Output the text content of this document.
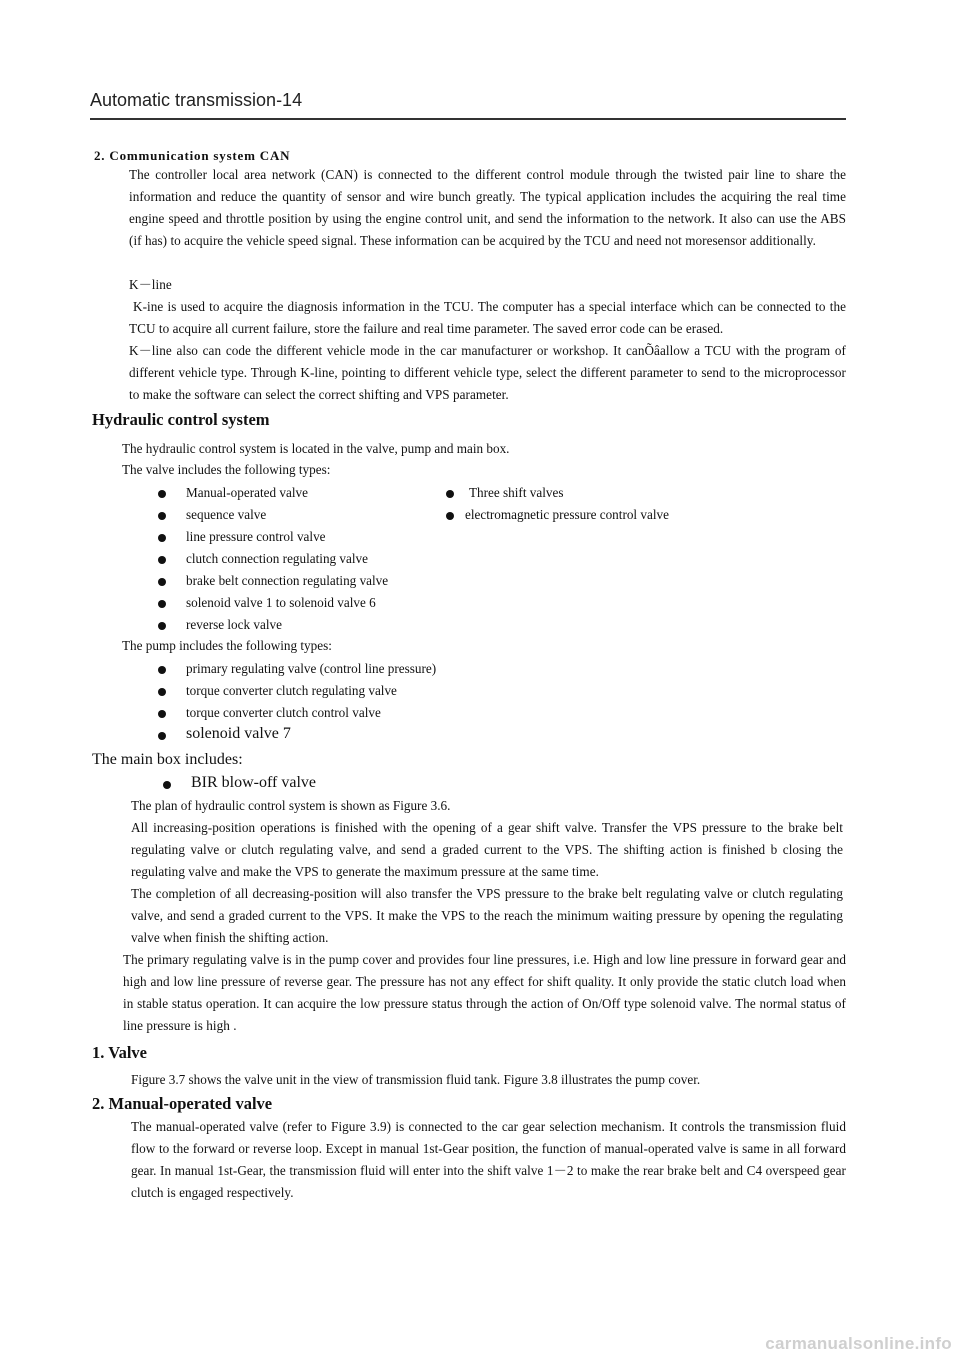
Automatic transmission-14
2. Communication system CAN

The controller local area network (CAN) is connected to the different control module through the twisted pair line to share the information and reduce the quantity of sensor and wire bunch greatly. The typical application includes the acquiring the real time engine speed and throttle position by using the engine control unit, and send the information to the network. It also can use the ABS (if has) to acquire the vehicle speed signal. These information can be acquired by the TCU and need not moresensor additionally.

K－line

K-ine is used to acquire the diagnosis information in the TCU. The computer has a special interface which can be connected to the TCU to acquire all current failure, store the failure and real time parameter. The saved error code can be erased.

K－line also can code the different vehicle mode in the car manufacturer or workshop. It canÕâallow a TCU with the program of different vehicle type. Through K-line, pointing to different vehicle type, select the different parameter to send to the microprocessor to make the software can select the correct shifting and VPS parameter.

Hydraulic control system
The hydraulic control system is located in the valve, pump and main box.
The valve includes the following types:
Manual-operated valve
sequence valve
line pressure control valve
clutch connection regulating valve
brake belt connection regulating valve
solenoid valve 1 to solenoid valve 6
reverse lock valve
Three shift valves
electromagnetic pressure control valve
The pump includes the following types:
primary regulating valve (control line pressure)
torque converter clutch regulating valve
torque converter clutch control valve
solenoid valve 7
The main box includes:
BIR blow-off valve
The plan of hydraulic control system is shown as Figure 3.6.

All increasing-position operations is finished with the opening of a gear shift valve. Transfer the VPS pressure to the brake belt regulating valve or clutch regulating valve, and send a graded current to the VPS. The shifting action is finished b closing the regulating valve and make the VPS to generate the maximum pressure at the same time.

The completion of all decreasing-position will also transfer the VPS pressure to the brake belt regulating valve or clutch regulating valve, and send a graded current to the VPS. It make the VPS to the reach the minimum waiting pressure by opening the regulating valve when finish the shifting action.

The primary regulating valve is in the pump cover and provides four line pressures, i.e. High and low line pressure in forward gear and high and low line pressure of reverse gear. The pressure has not any effect for shift quality. It only provide the static clutch load when in stable status operation. It can acquire the low pressure status through the action of On/Off type solenoid valve. The normal status of line pressure is high .

1. Valve
Figure 3.7 shows the valve unit in the view of transmission fluid tank. Figure 3.8 illustrates the pump cover.
2. Manual-operated valve

The manual-operated valve (refer to Figure 3.9) is connected to the car gear selection mechanism. It controls the transmission fluid flow to the forward or reverse loop. Except in manual 1st-Gear position, the function of manual-operated valve is same in all forward gear. In manual 1st-Gear, the transmission fluid will enter into the shift valve 1－2 to make the rear brake belt and C4 overspeed gear clutch is engaged respectively.

carmanualsonline.info
